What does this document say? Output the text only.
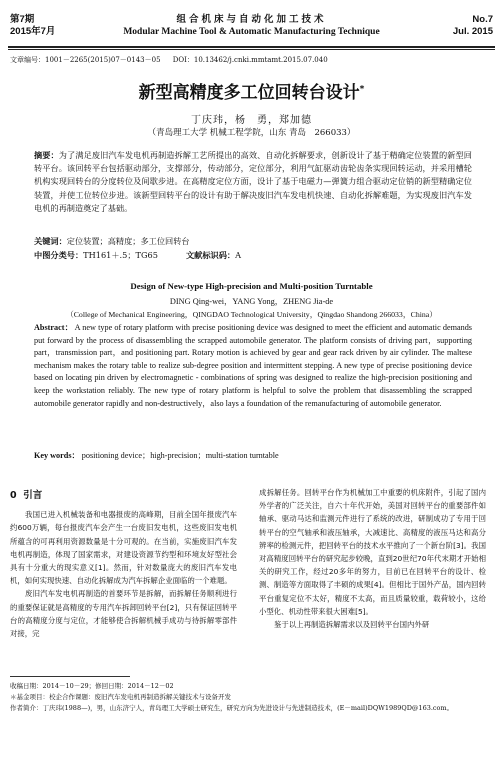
第7期
2015年7月
组合机床与自动化加工技术
Modular Machine Tool & Automatic Manufacturing Technique
No.7
Jul. 2015
文章编号：1001－2265(2015)07－0143－05 DOI：10.13462/j.cnki.mmtamt.2015.07.040
新型高精度多工位回转台设计*
丁庆玮，杨　勇，郑加德
（青岛理工大学 机械工程学院，山东 青岛　266033）
摘要：为了满足废旧汽车发电机再制造拆解工艺所提出的高效、自动化拆解要求，创新设计了基于精确定位装置的新型回转平台。该回转平台包括驱动部分，支撑部分，传动部分，定位部分，利用气缸驱动齿轮齿条实现回转运动，并采用槽轮机构实现回转台的分度转位及间歇步进。在高精度定位方面，设计了基于电磁力—弹簧力组合驱动定位销的新型精确定位装置，并使工位转位步进。该新型回转平台的设计有助于解决废旧汽车发电机快速、自动化拆解难题，为实现废旧汽车发电机的再制造奠定了基础。
关键词：定位装置；高精度；多工位回转台
中图分类号：TH161＋.5；TG65	文献标识码：A
Design of New-type High-precision and Multi-position Turntable
DING Qing-wei，YANG Yong，ZHENG Jia-de
（College of Mechanical Engineering，QINGDAO Technological University，Qingdao Shandong 266033，China）
Abstract： A new type of rotary platform with precise positioning device was designed to meet the efficient and automatic demands put forward by the process of disassembling the scrapped automobile generator. The platform consists of driving part，supporting part，transmission part，and positioning part. Rotary motion is achieved by gear and gear rack driven by air cylinder. The maltese mechanism makes the rotary table to realize sub-degree position and intermittent stepping. A new type of precise positioning device based on locating pin driven by electromagnetic - combinations of spring was designed to realize the high-precision positioning and keep the workstation reliably. The new type of rotary platform is helpful to solve the problem that disassembling the scrapped automobile generator rapidly and non-destructively，also lays a foundation of the remanufacturing of automobile generator.
Key words： positioning device；high-precision；multi-station turntable
0 引言

我国已进入机械装备和电器报废的高峰期，目前全国年报废汽车约600万辆，每台报废汽车会产生一台废旧发电机，这些废旧发电机所蕴含的可再利用资源数量是十分可观的。在当前，实施废旧汽车发电机再制造，体现了国家需求，对建设资源节约型和环境友好型社会具有十分重大的现实意义[1]。然而，针对数量庞大的废旧汽车发电机，如何实现快速、自动化拆解成为汽车拆解企业面临的一个难题。

废旧汽车发电机再制造的首要环节是拆解，而拆解任务顺利进行的重要保证就是高精度的专用汽车拆卸回转平台[2]，只有保证回转平台的高精度分度与定位，才能够使合拆解机械手成功与待拆解零部件对接，完

成拆解任务。回转平台作为机械加工中重要的机床附件，引起了国内外学者的广泛关注，自六十年代开始，美国对回转平台的重要部件如轴承、驱动马达和监测元件进行了系统的改进，研制成功了专用于回转平台的空气轴承和液压轴承，大减速比、高精度的液压马达和高分辨率的检测元件，把回转平台的技术水平推向了一个新台阶[3]。我国对高精度回转平台的研究起步较晚，直到20世纪70年代末期才开始相关的研究工作，经过20多年的努力，目前已在回转平台的设计、检测、制造等方面取得了丰硕的成果[4]。但相比于国外产品，国内回转平台重复定位不太好，精度不太高，而且质量较重，载荷较小，这给小型化、机动性带来很大困难[5]。

鉴于以上再制造拆解需求以及回转平台国内外研

收稿日期：2014－10－29；修回日期：2014－12－02
＊基金项目：校企合作课题：废旧汽车发电机再制造拆解关键技术与设备开发
作者简介：丁庆玮(1988—)，男，山东济宁人，青岛理工大学硕士研究生，研究方向为先进设计与先进制造技术，(E－mail)DQW1989QD@163.com。
